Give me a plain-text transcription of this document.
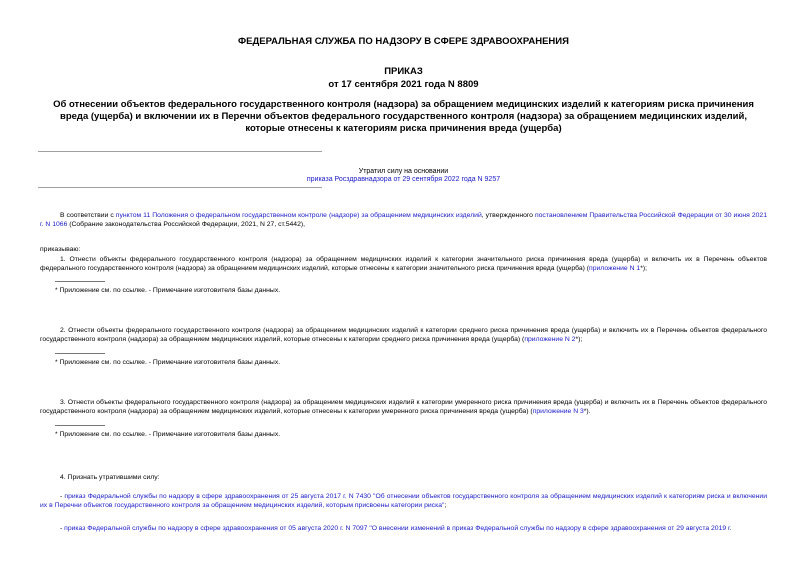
ФЕДЕРАЛЬНАЯ СЛУЖБА ПО НАДЗОРУ В СФЕРЕ ЗДРАВООХРАНЕНИЯ
ПРИКАЗ
от 17 сентября 2021 года N 8809
Об отнесении объектов федерального государственного контроля (надзора) за обращением медицинских изделий к категориям риска причинения вреда (ущерба) и включении их в Перечни объектов федерального государственного контроля (надзора) за обращением медицинских изделий, которые отнесены к категориям риска причинения вреда (ущерба)
Утратил силу на основании
приказа Росздравнадзора от 29 сентября 2022 года N 9257
В соответствии с пунктом 11 Положения о федеральном государственном контроле (надзоре) за обращением медицинских изделий, утвержденного постановлением Правительства Российской Федерации от 30 июня 2021 г. N 1066 (Собрание законодательства Российской Федерации, 2021, N 27, ст.5442),
приказываю:
1. Отнести объекты федерального государственного контроля (надзора) за обращением медицинских изделий к категории значительного риска причинения вреда (ущерба) и включить их в Перечень объектов федерального государственного контроля (надзора) за обращением медицинских изделий, которые отнесены к категории значительного риска причинения вреда (ущерба) (приложение N 1*);
* Приложение см. по ссылке. - Примечание изготовителя базы данных.
2. Отнести объекты федерального государственного контроля (надзора) за обращением медицинских изделий к категории среднего риска причинения вреда (ущерба) и включить их в Перечень объектов федерального государственного контроля (надзора) за обращением медицинских изделий, которые отнесены к категории среднего риска причинения вреда (ущерба) (приложение N 2*);
* Приложение см. по ссылке. - Примечание изготовителя базы данных.
3. Отнести объекты федерального государственного контроля (надзора) за обращением медицинских изделий к категории умеренного риска причинения вреда (ущерба) и включить их в Перечень объектов федерального государственного контроля (надзора) за обращением медицинских изделий, которые отнесены к категории умеренного риска причинения вреда (ущерба) (приложение N 3*).
* Приложение см. по ссылке. - Примечание изготовителя базы данных.
4. Признать утратившими силу:
- приказ Федеральной службы по надзору в сфере здравоохранения от 25 августа 2017 г. N 7430 "Об отнесении объектов государственного контроля за обращением медицинских изделий к категориям риска и включении их в Перечни объектов государственного контроля за обращением медицинских изделий, которым присвоены категории риска";
- приказ Федеральной службы по надзору в сфере здравоохранения от 05 августа 2020 г. N 7097 "О внесении изменений в приказ Федеральной службы по надзору в сфере здравоохранения от 29 августа 2019 г.
